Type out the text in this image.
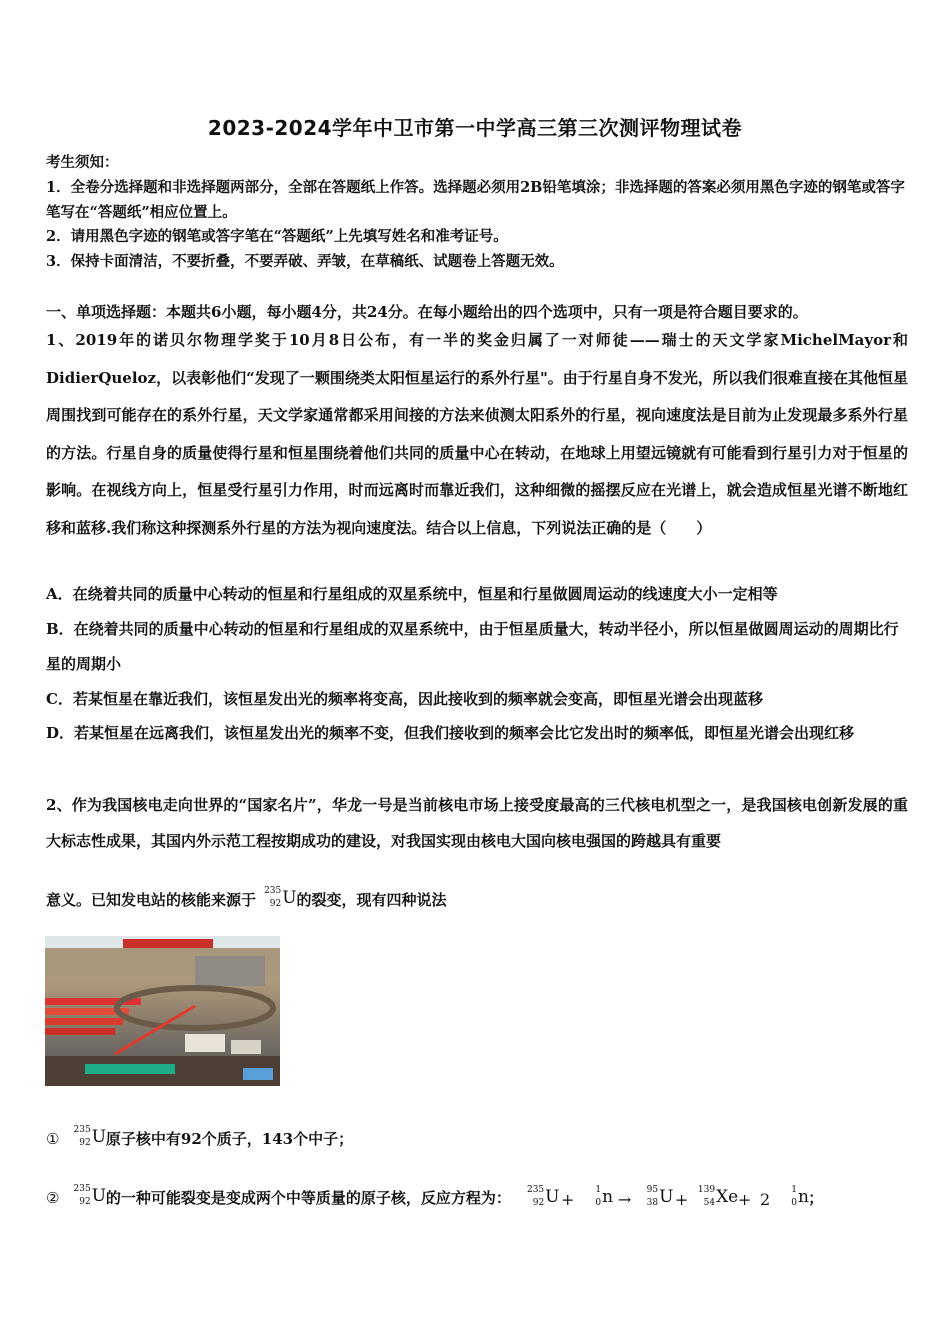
2023-2024学年中卫市第一中学高三第三次测评物理试卷
考生须知：
1．全卷分选择题和非选择题两部分，全部在答题纸上作答。选择题必须用2B铅笔填涂；非选择题的答案必须用黑色字迹的钢笔或答字笔写在“答题纸”相应位置上。
2．请用黑色字迹的钢笔或答字笔在“答题纸”上先填写姓名和准考证号。
3．保持卡面清洁，不要折叠，不要弄破、弄皱，在草稿纸、试题卷上答题无效。
一、单项选择题：本题共6小题，每小题4分，共24分。在每小题给出的四个选项中，只有一项是符合题目要求的。
1、2019年的诺贝尔物理学奖于10月8日公布，有一半的奖金归属了一对师徒——瑞士的天文学家MichelMayor和DidierQueloz，以表彰他们“发现了一颗围绕类太阳恒星运行的系外行星"。由于行星自身不发光，所以我们很难直接在其他恒星周围找到可能存在的系外行星，天文学家通常都采用间接的方法来侦测太阳系外的行星，视向速度法是目前为止发现最多系外行星的方法。行星自身的质量使得行星和恒星围绕着他们共同的质量中心在转动，在地球上用望远镜就有可能看到行星引力对于恒星的影响。在视线方向上，恒星受行星引力作用，时而远离时而靠近我们，这种细微的摇摆反应在光谱上，就会造成恒星光谱不断地红移和蓝移.我们称这种探测系外行星的方法为视向速度法。结合以上信息，下列说法正确的是（　　）
A．在绕着共同的质量中心转动的恒星和行星组成的双星系统中，恒星和行星做圆周运动的线速度大小一定相等
B．在绕着共同的质量中心转动的恒星和行星组成的双星系统中，由于恒星质量大，转动半径小，所以恒星做圆周运动的周期比行星的周期小
C．若某恒星在靠近我们，该恒星发出光的频率将变高，因此接收到的频率就会变高，即恒星光谱会出现蓝移
D．若某恒星在远离我们，该恒星发出光的频率不变，但我们接收到的频率会比它发出时的频率低，即恒星光谱会出现红移
2、作为我国核电走向世界的“国家名片”，华龙一号是当前核电市场上接受度最高的三代核电机型之一，是我国核电创新发展的重大标志性成果，其国内外示范工程按期成功的建设，对我国实现由核电大国向核电强国的跨越具有重要
意义。已知发电站的核能来源于 235
92 U 的裂变，现有四种说法
①	235
92 U 原子核中有92个质子，143个中子；
②	235
92 U 的一种可能裂变是变成两个中等质量的原子核，反应方程为：	235
92 U +	1
0 n →	95
38 U +	139
54 Xe + 2	1
0 n ；
